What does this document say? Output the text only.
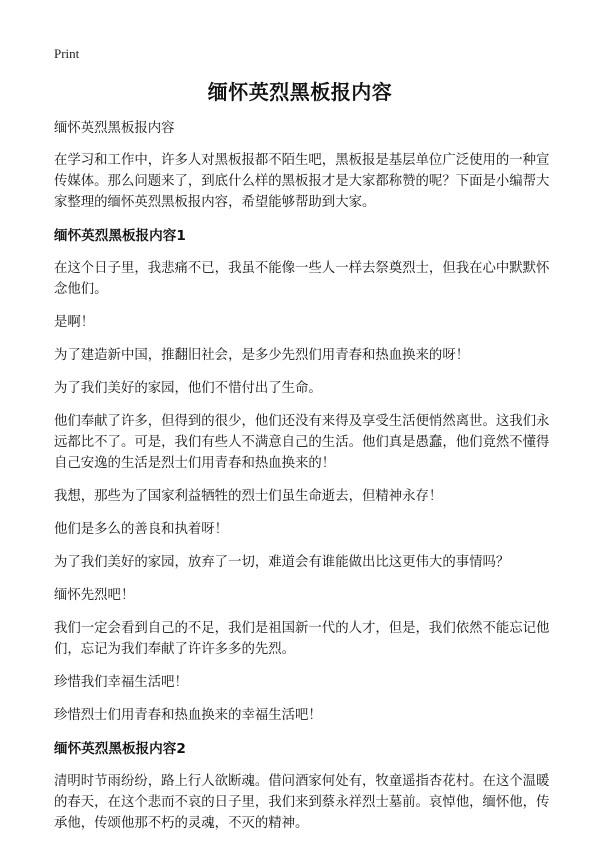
Print
缅怀英烈黑板报内容

缅怀英烈黑板报内容

在学习和工作中，许多人对黑板报都不陌生吧，黑板报是基层单位广泛使用的一种宣传媒体。那么问题来了，到底什么样的黑板报才是大家都称赞的呢？下面是小编帮大家整理的缅怀英烈黑板报内容，希望能够帮助到大家。

缅怀英烈黑板报内容1

在这个日子里，我悲痛不已，我虽不能像一些人一样去祭奠烈士，但我在心中默默怀念他们。

是啊！

为了建造新中国，推翻旧社会，是多少先烈们用青春和热血换来的呀！

为了我们美好的家园，他们不惜付出了生命。

他们奉献了许多，但得到的很少，他们还没有来得及享受生活便悄然离世。这我们永远都比不了。可是，我们有些人不满意自己的生活。他们真是愚蠢，他们竟然不懂得自己安逸的生活是烈士们用青春和热血换来的！

我想，那些为了国家利益牺牲的烈士们虽生命逝去，但精神永存！

他们是多么的善良和执着呀！

为了我们美好的家园，放弃了一切，难道会有谁能做出比这更伟大的事情吗？

缅怀先烈吧！

我们一定会看到自己的不足，我们是祖国新一代的人才，但是，我们依然不能忘记他们，忘记为我们奉献了许许多多的先烈。

珍惜我们幸福生活吧！

珍惜烈士们用青春和热血换来的幸福生活吧！

缅怀英烈黑板报内容2

清明时节雨纷纷，路上行人欲断魂。借问酒家何处有，牧童遥指杏花村。在这个温暖的春天，在这个悲而不哀的日子里，我们来到蔡永祥烈士墓前。哀悼他，缅怀他，传承他，传颂他那不朽的灵魂，不灭的精神。
